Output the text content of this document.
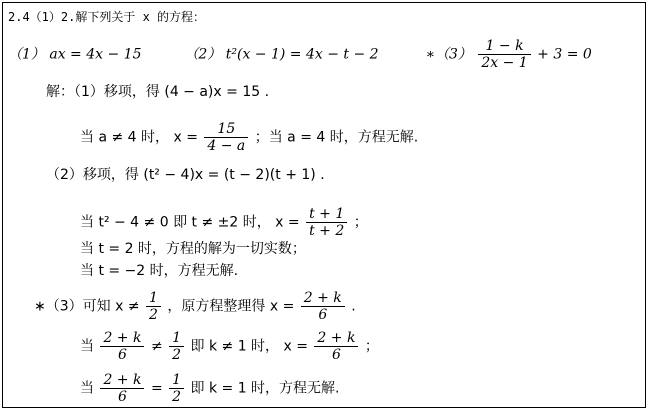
2.4（1）2.解下列关于 x 的方程：
（1） ax = 4x − 15	（2） t²(x − 1) = 4x − t − 2	∗（3） $\frac{1 - k}{2x - 1} + 3 = 0$
解：（1）移项，得 (4 − a)x = 15 .
当 a ≠ 4 时， $x = \frac{15}{4 - a}$ ；当 a = 4 时，方程无解.
（2）移项，得 (t² − 4)x = (t − 2)(t + 1) .
当 t² − 4 ≠ 0 即 t ≠ ±2 时， $x = \frac{t + 1}{t + 2}$ ；
当 t = 2 时，方程的解为一切实数；
当 t = −2 时，方程无解.
∗（3）可知 $x \ne \frac{1}{2}$ ，原方程整理得 $x = \frac{2 + k}{6}$ .
当 $\frac{2 + k}{6} \ne \frac{1}{2}$ 即 k ≠ 1 时， $x = \frac{2 + k}{6}$ ；
当 $\frac{2 + k}{6} = \frac{1}{2}$ 即 k = 1 时，方程无解.
